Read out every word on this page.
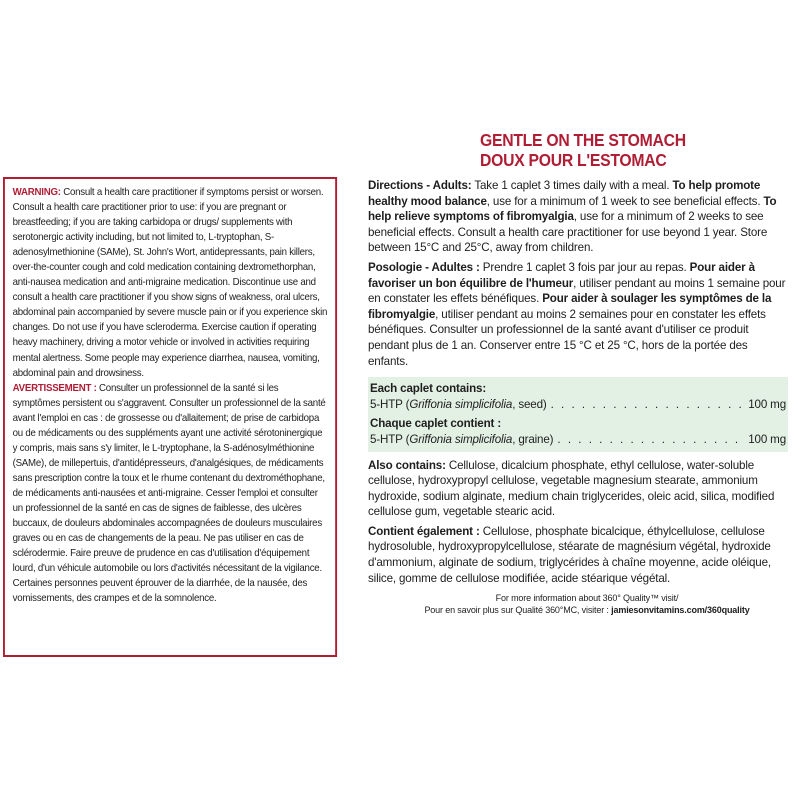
WARNING: Consult a health care practitioner if symptoms persist or worsen. Consult a health care practitioner prior to use: if you are pregnant or breastfeeding; if you are taking carbidopa or drugs/ supplements with serotonergic activity including, but not limited to, L-tryptophan, S-adenosylmethionine (SAMe), St. John's Wort, antidepressants, pain killers, over-the-counter cough and cold medication containing dextromethorphan, anti-nausea medication and anti-migraine medication. Discontinue use and consult a health care practitioner if you show signs of weakness, oral ulcers, abdominal pain accompanied by severe muscle pain or if you experience skin changes. Do not use if you have scleroderma. Exercise caution if operating heavy machinery, driving a motor vehicle or involved in activities requiring mental alertness. Some people may experience diarrhea, nausea, vomiting, abdominal pain and drowsiness.

AVERTISSEMENT : Consulter un professionnel de la santé si les symptômes persistent ou s'aggravent. Consulter un professionnel de la santé avant l'emploi en cas : de grossesse ou d'allaitement; de prise de carbidopa ou de médicaments ou des suppléments ayant une activité sérotoninergique y compris, mais sans s'y limiter, le L-tryptophane, la S-adénosylméthionine (SAMe), de millepertuis, d'antidépresseurs, d'analgésiques, de médicaments sans prescription contre la toux et le rhume contenant du dextrométhophane, de médicaments anti-nausées et anti-migraine. Cesser l'emploi et consulter un professionnel de la santé en cas de signes de faiblesse, des ulcères buccaux, de douleurs abdominales accompagnées de douleurs musculaires graves ou en cas de changements de la peau. Ne pas utiliser en cas de sclérodermie. Faire preuve de prudence en cas d'utilisation d'équipement lourd, d'un véhicule automobile ou lors d'activités nécessitant de la vigilance. Certaines personnes peuvent éprouver de la diarrhée, de la nausée, des vomissements, des crampes et de la somnolence.

GENTLE ON THE STOMACH
DOUX POUR L'ESTOMAC

Directions - Adults: Take 1 caplet 3 times daily with a meal. To help promote healthy mood balance, use for a minimum of 1 week to see beneficial effects. To help relieve symptoms of fibromyalgia, use for a minimum of 2 weeks to see beneficial effects. Consult a health care practitioner for use beyond 1 year. Store between 15°C and 25°C, away from children.

Posologie - Adultes : Prendre 1 caplet 3 fois par jour au repas. Pour aider à favoriser un bon équilibre de l'humeur, utiliser pendant au moins 1 semaine pour en constater les effets bénéfiques. Pour aider à soulager les symptômes de la fibromyalgie, utiliser pendant au moins 2 semaines pour en constater les effets bénéfiques. Consulter un professionnel de la santé avant d'utiliser ce produit pendant plus de 1 an. Conserver entre 15 °C et 25 °C, hors de la portée des enfants.

Each caplet contains:
5-HTP (Griffonia simplicifolia, seed) . . .	100 mg
Chaque caplet contient :
5-HTP (Griffonia simplicifolia, graine) . . .	100 mg

Also contains: Cellulose, dicalcium phosphate, ethyl cellulose, water-soluble cellulose, hydroxypropyl cellulose, vegetable magnesium stearate, ammonium hydroxide, sodium alginate, medium chain triglycerides, oleic acid, silica, modified cellulose gum, vegetable stearic acid.

Contient également : Cellulose, phosphate bicalcique, éthylcellulose, cellulose hydrosoluble, hydroxypropylcellulose, stéarate de magnésium végétal, hydroxide d'ammonium, alginate de sodium, triglycérides à chaîne moyenne, acide oléique, silice, gomme de cellulose modifiée, acide stéarique végétal.

For more information about 360° Quality™ visit/
Pour en savoir plus sur Qualité 360°MC, visiter : jamiesonvitamins.com/360quality
